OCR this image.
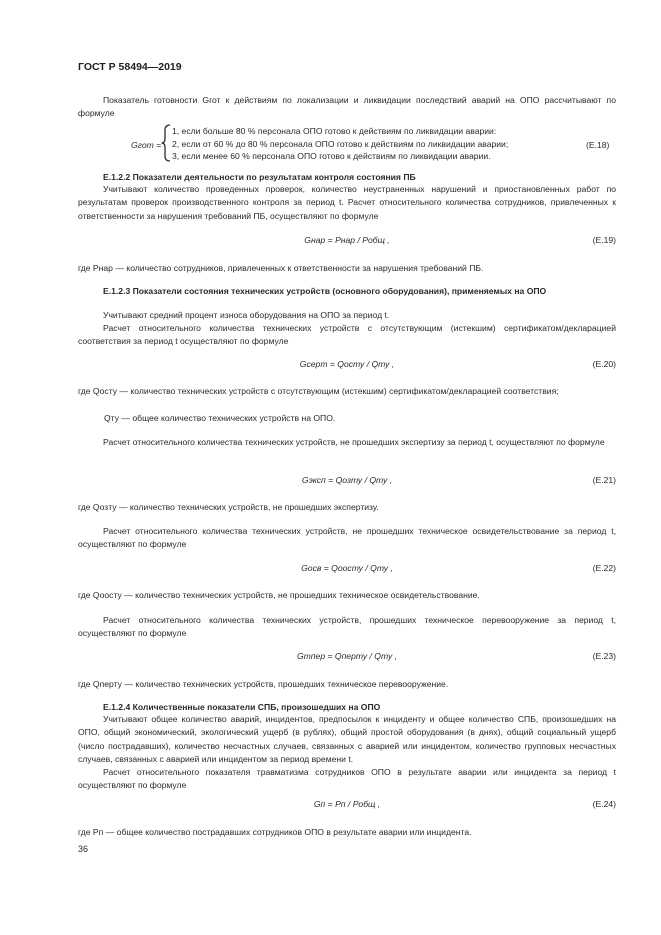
ГОСТ Р 58494—2019
Показатель готовности Gгот к действиям по локализации и ликвидации последствий аварий на ОПО рассчитывают по формуле
Gгот =
1, если больше 80 % персонала ОПО готово к действиям по ликвидации аварии:
2, если от 60 % до 80 % персонала ОПО готово к действиям по ликвидации аварии;
3, если менее 60 % персонала ОПО готово к действиям по ликвидации аварии.
(Е.18)
Е.1.2.2 Показатели деятельности по результатам контроля состояния ПБ
Учитывают количество проведенных проверок, количество неустраненных нарушений и приостановленных работ по результатам проверок производственного контроля за период t. Расчет относительного количества сотрудников, привлеченных к ответственности за нарушения требований ПБ, осуществляют по формуле
Gнар = Pнар / Pобщ ,	(Е.19)
где Pнар — количество сотрудников, привлеченных к ответственности за нарушения требований ПБ.
Е.1.2.3 Показатели состояния технических устройств (основного оборудования), применяемых на ОПО
Учитывают средний процент износа оборудования на ОПО за период t.
Расчет относительного количества технических устройств с отсутствующим (истекшим) сертификатом/декларацией соответствия за период t осуществляют по формуле
Gсерт = Qосту / Qту ,	(Е.20)
где Qосту — количество технических устройств с отсутствующим (истекшим) сертификатом/декларацией соответствия;
Qту — общее количество технических устройств на ОПО.
Расчет относительного количества технических устройств, не прошедших экспертизу за период t, осуществляют по формуле
Gэксп = Qозту / Qту ,	(Е.21)
где Qозту — количество технических устройств, не прошедших экспертизу.
Расчет относительного количества технических устройств, не прошедших техническое освидетельствование за период t, осуществляют по формуле
Gосв = Qоосту / Qту ,	(Е.22)
где Qоосту — количество технических устройств, не прошедших техническое освидетельствование.
Расчет относительного количества технических устройств, прошедших техническое перевооружение за период t, осуществляют по формуле
Gтпер = Qперту / Qту ,	(Е.23)
где Qперту — количество технических устройств, прошедших техническое перевооружение.
Е.1.2.4 Количественные показатели СПБ, произошедших на ОПО
Учитывают общее количество аварий, инцидентов, предпосылок к инциденту и общее количество СПБ, произошедших на ОПО, общий экономический, экологический ущерб (в рублях), общий простой оборудования (в днях), общий социальный ущерб (число пострадавших), количество несчастных случаев, связанных с аварией или инцидентом, количество групповых несчастных случаев, связанных с аварией или инцидентом за период времени t.
Расчет относительного показателя травматизма сотрудников ОПО в результате аварии или инцидента за период t осуществляют по формуле
Gп = Pп / Pобщ ,	(Е.24)
где Pп — общее количество пострадавших сотрудников ОПО в результате аварии или инцидента.
36
